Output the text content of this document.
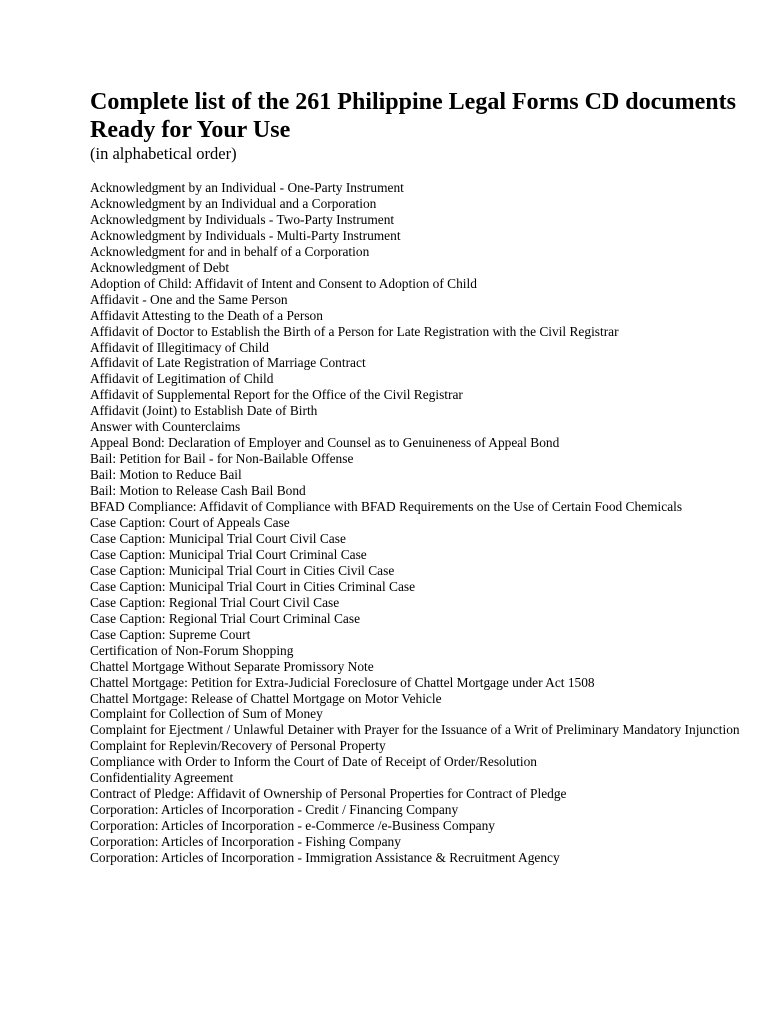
Complete list of the 261 Philippine Legal Forms CD documents Ready for Your Use

(in alphabetical order)

Acknowledgment by an Individual - One-Party Instrument
Acknowledgment by an Individual and a Corporation
Acknowledgment by Individuals - Two-Party Instrument
Acknowledgment by Individuals - Multi-Party Instrument
Acknowledgment for and in behalf of a Corporation
Acknowledgment of Debt
Adoption of Child: Affidavit of Intent and Consent to Adoption of Child
Affidavit - One and the Same Person
Affidavit Attesting to the Death of a Person
Affidavit of Doctor to Establish the Birth of a Person for Late Registration with the Civil Registrar
Affidavit of Illegitimacy of Child
Affidavit of Late Registration of Marriage Contract
Affidavit of Legitimation of Child
Affidavit of Supplemental Report for the Office of the Civil Registrar
Affidavit (Joint) to Establish Date of Birth
Answer with Counterclaims
Appeal Bond: Declaration of Employer and Counsel as to Genuineness of Appeal Bond
Bail: Petition for Bail - for Non-Bailable Offense
Bail: Motion to Reduce Bail
Bail: Motion to Release Cash Bail Bond
BFAD Compliance: Affidavit of Compliance with BFAD Requirements on the Use of Certain Food Chemicals
Case Caption: Court of Appeals Case
Case Caption: Municipal Trial Court Civil Case
Case Caption: Municipal Trial Court Criminal Case
Case Caption: Municipal Trial Court in Cities Civil Case
Case Caption: Municipal Trial Court in Cities Criminal Case
Case Caption: Regional Trial Court Civil Case
Case Caption: Regional Trial Court Criminal Case
Case Caption: Supreme Court
Certification of Non-Forum Shopping
Chattel Mortgage Without Separate Promissory Note
Chattel Mortgage: Petition for Extra-Judicial Foreclosure of Chattel Mortgage under Act 1508
Chattel Mortgage: Release of Chattel Mortgage on Motor Vehicle
Complaint for Collection of Sum of Money
Complaint for Ejectment / Unlawful Detainer with Prayer for the Issuance of a Writ of Preliminary Mandatory Injunction
Complaint for Replevin/Recovery of Personal Property
Compliance with Order to Inform the Court of Date of Receipt of Order/Resolution
Confidentiality Agreement
Contract of Pledge: Affidavit of Ownership of Personal Properties for Contract of Pledge
Corporation: Articles of Incorporation - Credit / Financing Company
Corporation: Articles of Incorporation - e-Commerce /e-Business Company
Corporation: Articles of Incorporation - Fishing Company
Corporation: Articles of Incorporation - Immigration Assistance & Recruitment Agency
